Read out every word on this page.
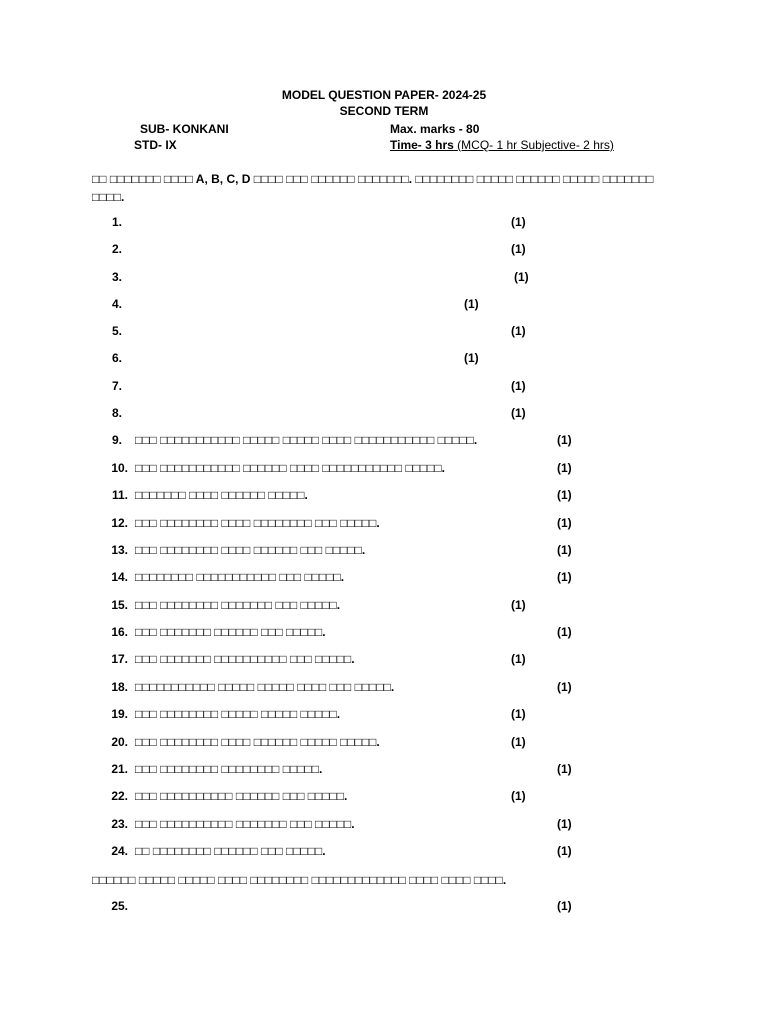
MODEL QUESTION PAPER- 2024-25
SECOND TERM
SUB- KONKANI	Max. marks - 80
STD- IX	Time- 3 hrs (MCQ- 1 hr Subjective- 2 hrs)
□□ □□□□□□□ □□□□ A, B, C, D □□□□ □□□ □□□□□□ □□□□□□□. □□□□□□□□ □□□□□ □□□□□□ □□□□□ □□□□□□□ □□□□.
1.	(1)
2.	(1)
3.	(1)
4.	(1)
5.	(1)
6.	(1)
7.	(1)
8.	(1)
9. □□□ □□□□□□□□□□□ □□□□□ □□□□□ □□□□ □□□□□□□□□□□ □□□□□.	(1)
10. □□□ □□□□□□□□□□□ □□□□□□ □□□□ □□□□□□□□□□□ □□□□□.	(1)
11. □□□□□□□ □□□□ □□□□□□ □□□□□.	(1)
12. □□□ □□□□□□□□ □□□□ □□□□□□□□ □□□ □□□□□.	(1)
13. □□□ □□□□□□□□ □□□□ □□□□□□ □□□ □□□□□.	(1)
14. □□□□□□□□ □□□□□□□□□□□ □□□ □□□□□.	(1)
15. □□□ □□□□□□□□ □□□□□□□ □□□ □□□□□.	(1)
16. □□□ □□□□□□□ □□□□□□ □□□ □□□□□.	(1)
17. □□□ □□□□□□□ □□□□□□□□□□ □□□ □□□□□.	(1)
18. □□□□□□□□□□□ □□□□□ □□□□□ □□□□ □□□ □□□□□.	(1)
19. □□□ □□□□□□□□ □□□□□ □□□□□ □□□□□.	(1)
20. □□□ □□□□□□□□ □□□□ □□□□□□ □□□□□ □□□□□.	(1)
21. □□□ □□□□□□□□ □□□□□□□□ □□□□□.	(1)
22. □□□ □□□□□□□□□□ □□□□□□ □□□ □□□□□.	(1)
23. □□□ □□□□□□□□□□ □□□□□□□ □□□ □□□□□.	(1)
24. □□ □□□□□□□□ □□□□□□ □□□ □□□□□.	(1)
□□□□□□ □□□□□ □□□□□ □□□□ □□□□□□□□ □□□□□□□□□□□□□ □□□□ □□□□ □□□□.
25.	(1)
